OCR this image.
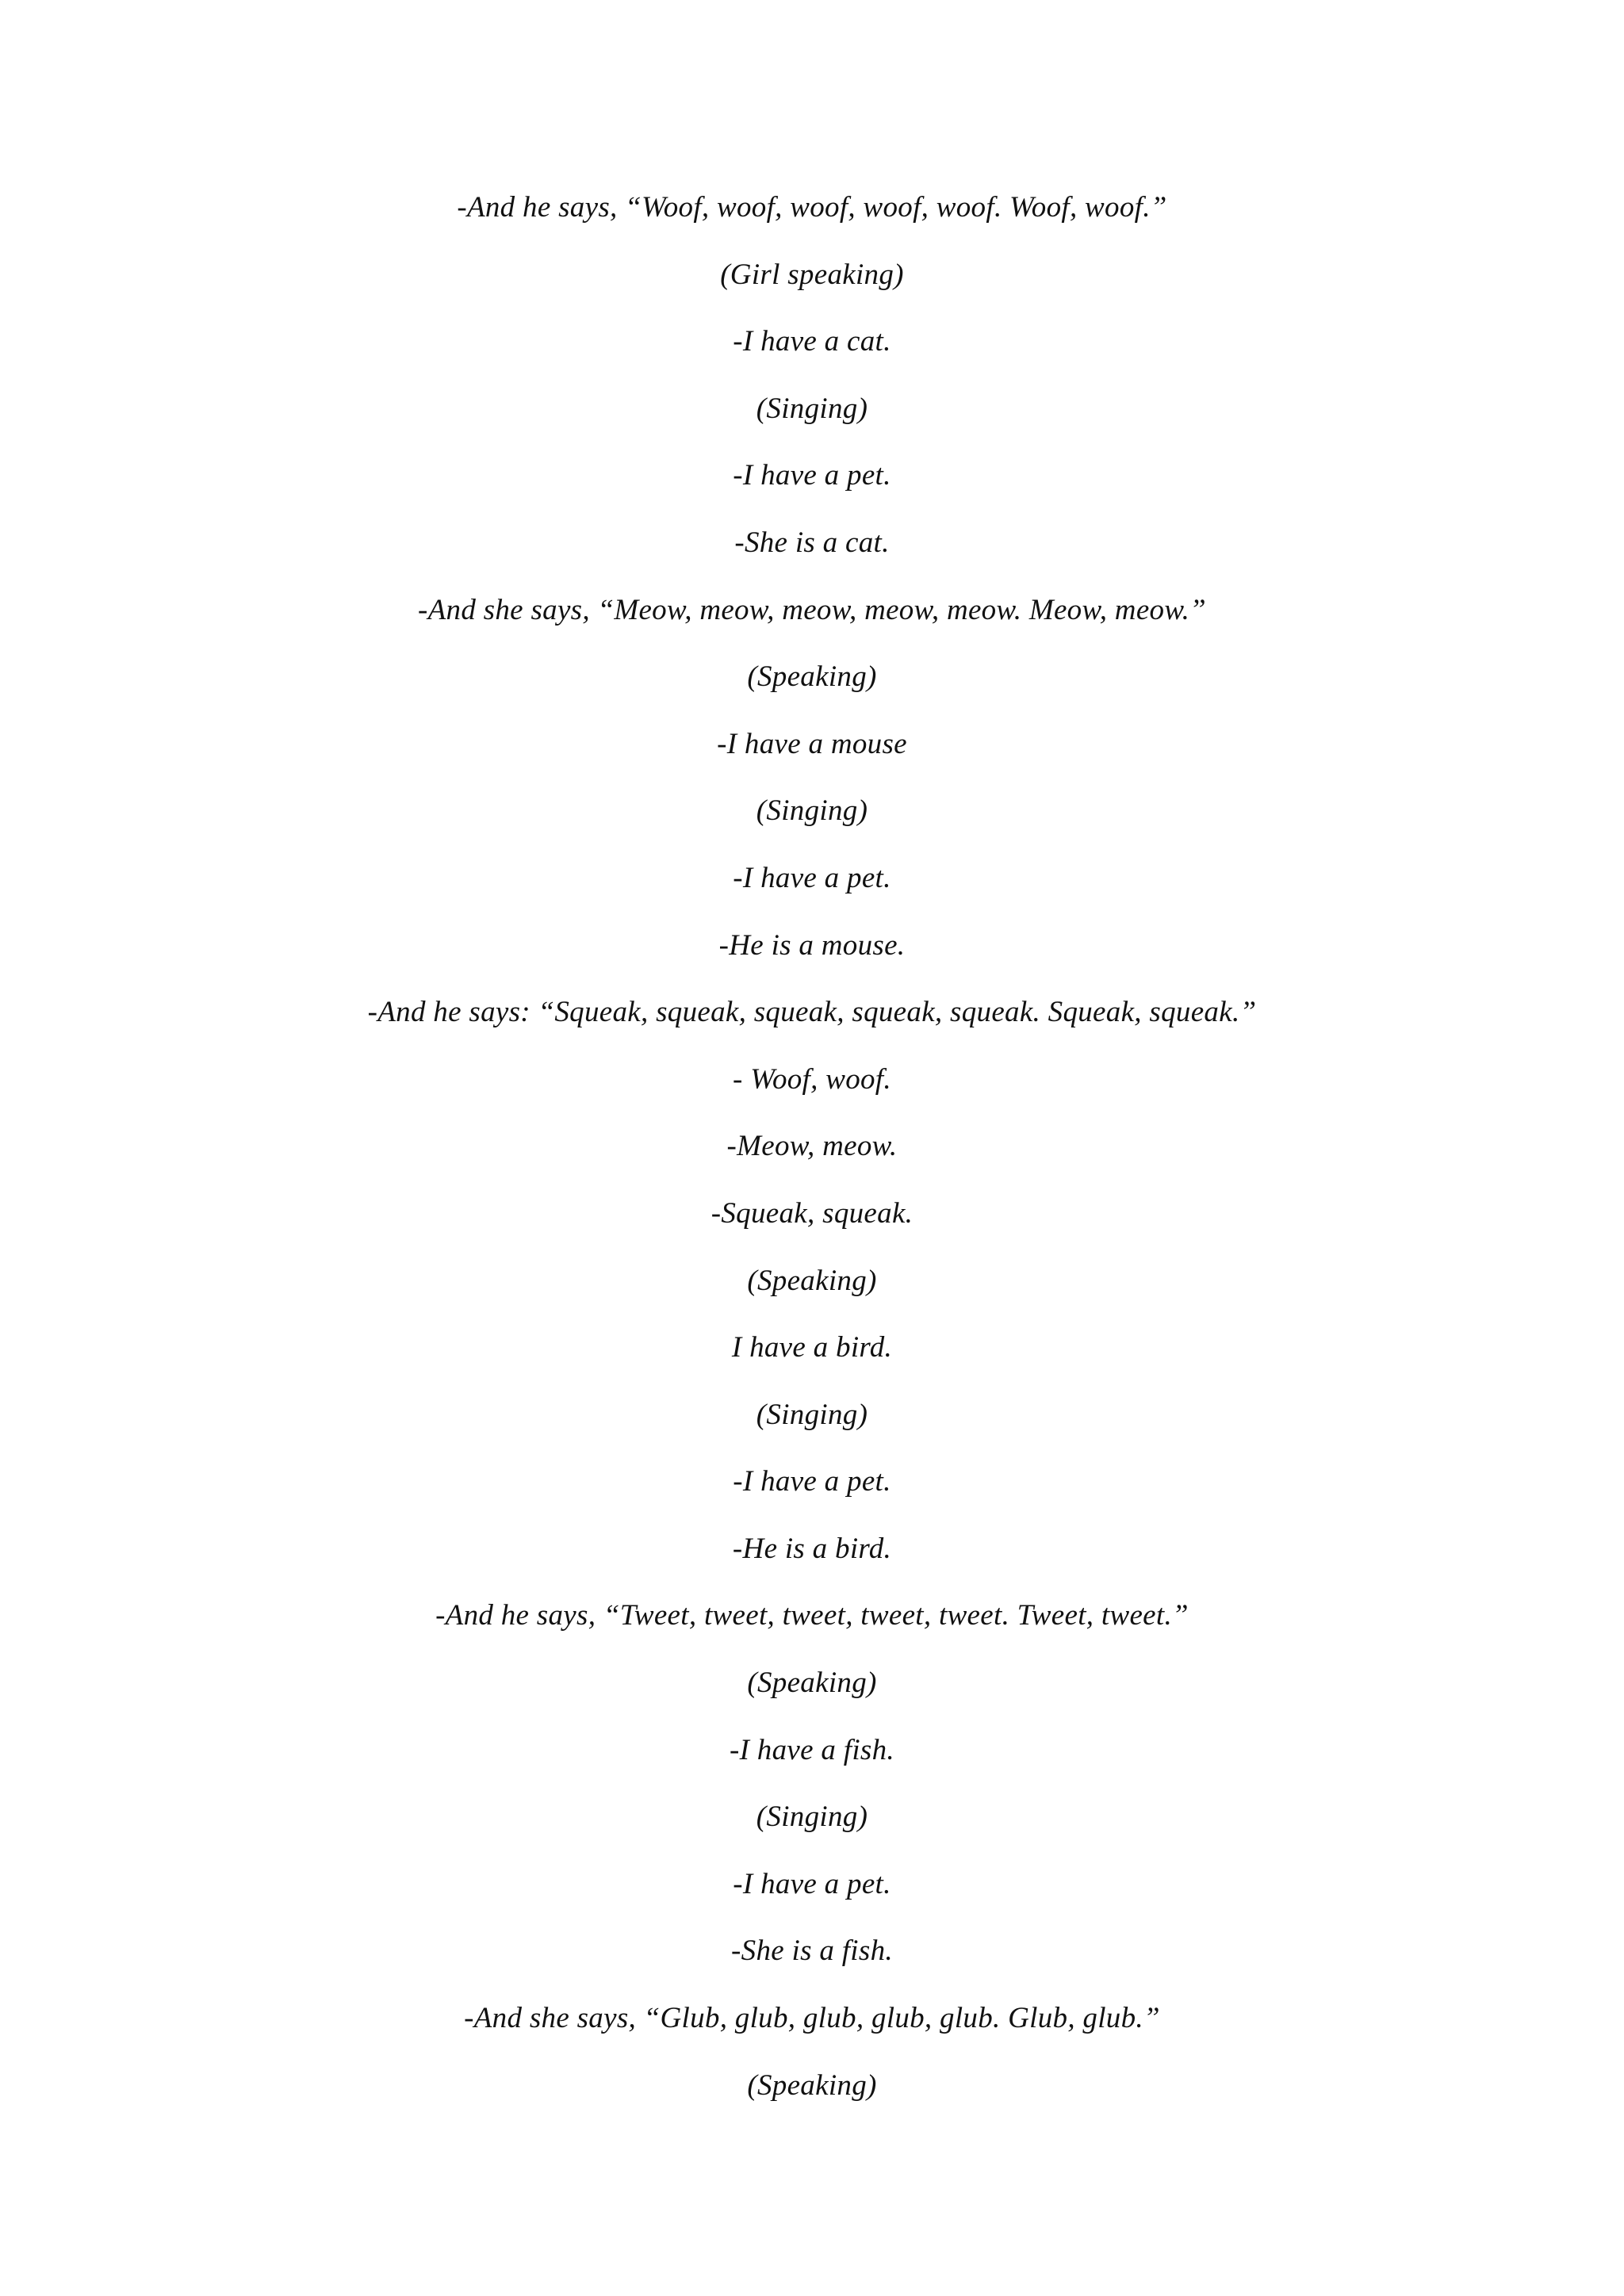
-And he says, “Woof, woof, woof, woof, woof. Woof, woof.”
(Girl speaking)
-I have a cat.
(Singing)
-I have a pet.
-She is a cat.
-And she says, “Meow, meow, meow, meow, meow. Meow, meow.”
(Speaking)
-I have a mouse
(Singing)
-I have a pet.
-He is a mouse.
-And he says: “Squeak, squeak, squeak, squeak, squeak. Squeak, squeak.”
- Woof, woof.
-Meow, meow.
-Squeak, squeak.
(Speaking)
I have a bird.
(Singing)
-I have a pet.
-He is a bird.
-And he says, “Tweet, tweet, tweet, tweet, tweet. Tweet, tweet.”
(Speaking)
-I have a fish.
(Singing)
-I have a pet.
-She is a fish.
-And she says, “Glub, glub, glub, glub, glub. Glub, glub.”
(Speaking)
